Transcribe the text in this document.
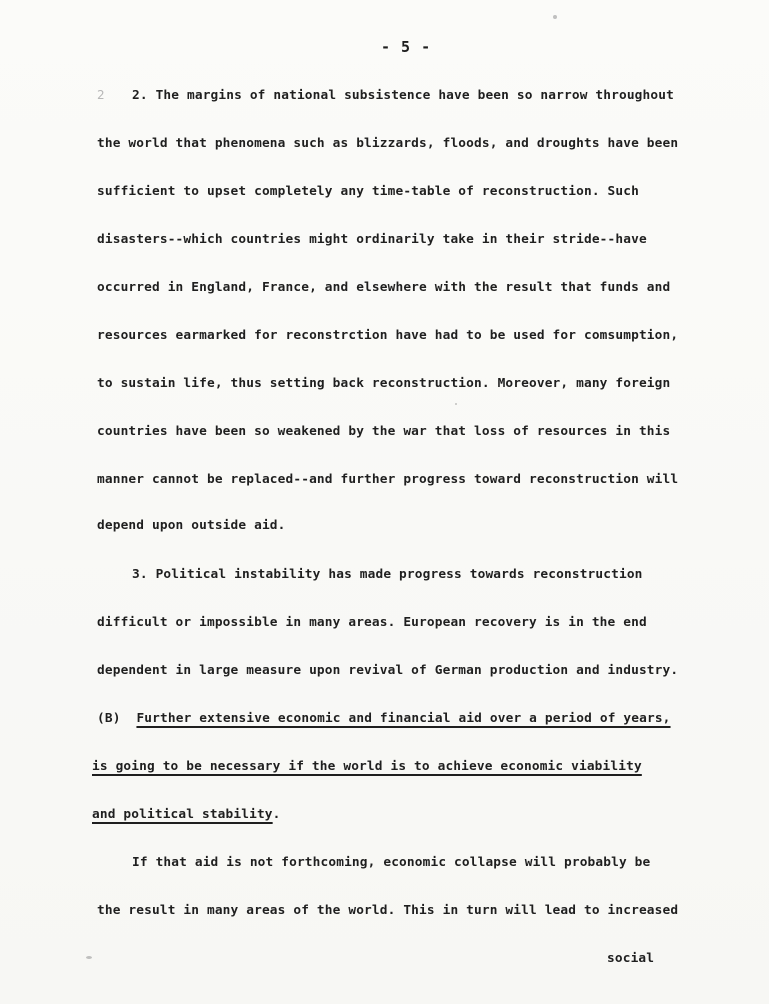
- 5 -
2 2. The margins of national subsistence have been so narrow throughout
the world that phenomena such as blizzards, floods, and droughts have been
sufficient to upset completely any time-table of reconstruction. Such
disasters--which countries might ordinarily take in their stride--have
occurred in England, France, and elsewhere with the result that funds and
resources earmarked for reconstrction have had to be used for comsumption,
to sustain life, thus setting back reconstruction. Moreover, many foreign
countries have been so weakened by the war that loss of resources in this
manner cannot be replaced--and further progress toward reconstruction will
depend upon outside aid.
3. Political instability has made progress towards reconstruction
difficult or impossible in many areas. European recovery is in the end
dependent in large measure upon revival of German production and industry.
(B) Further extensive economic and financial aid over a period of years,
is going to be necessary if the world is to achieve economic viability
and political stability.
If that aid is not forthcoming, economic collapse will probably be
the result in many areas of the world. This in turn will lead to increased
social
